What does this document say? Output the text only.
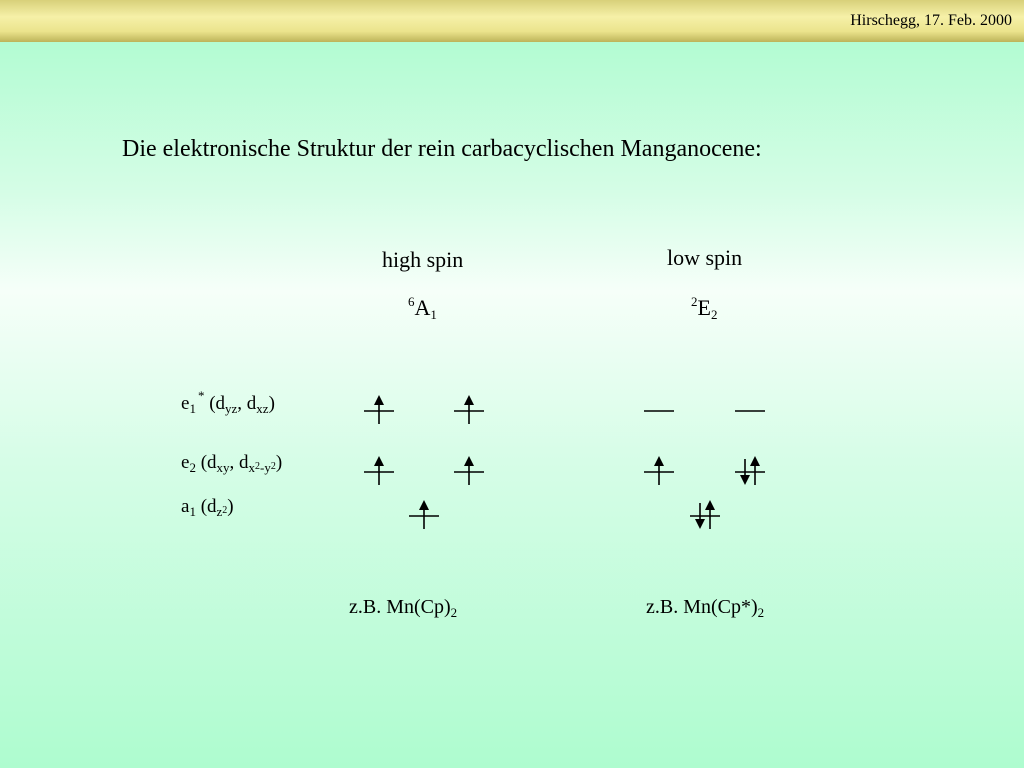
Hirschegg, 17. Feb. 2000
Die elektronische Struktur der rein carbacyclischen Manganocene:
high spin
$^6A_1$
low spin
$^2E_2$
$e_1^*$ ($d_{yz}$, $d_{xz}$)
$e_2$ ($d_{xy}$, $d_x2_{-y}2$)
$a_1$ $(d_z2)$
z.B. $Mn(Cp)_2$	z.B. $Mn(Cp*)_2$
